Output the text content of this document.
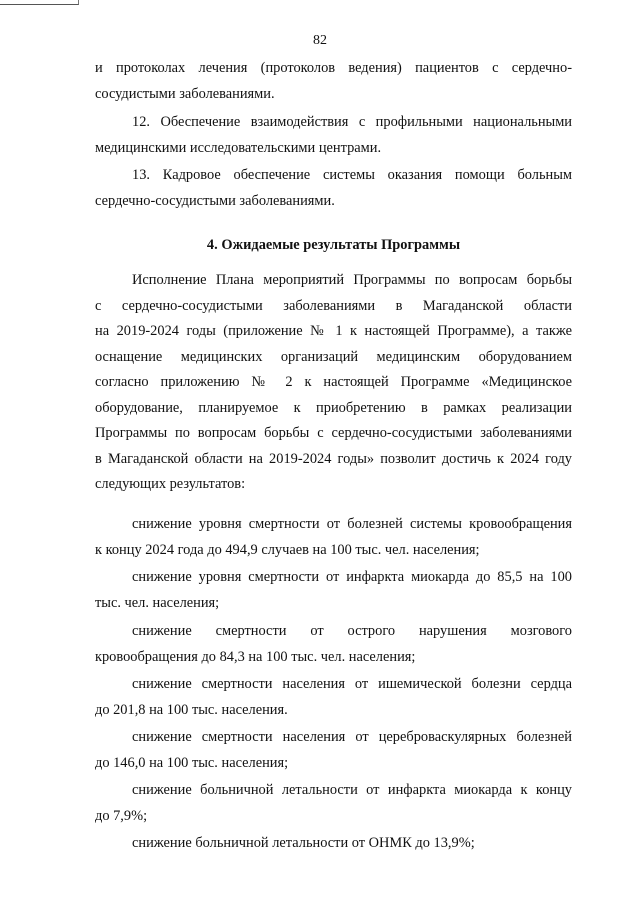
82
и протоколах лечения (протоколов ведения) пациентов с сердечно-
сосудистыми заболеваниями.
12. Обеспечение взаимодействия с профильными национальными
медицинскими исследовательскими центрами.
13. Кадровое обеспечение системы оказания помощи больным
сердечно-сосудистыми заболеваниями.
4. Ожидаемые результаты Программы
Исполнение Плана мероприятий Программы по вопросам борьбы
с сердечно-сосудистыми заболеваниями в Магаданской области
на 2019-2024 годы (приложение № 1 к настоящей Программе), а также
оснащение медицинских организаций медицинским оборудованием
согласно приложению № 2 к настоящей Программе «Медицинское
оборудование, планируемое к приобретению в рамках реализации
Программы по вопросам борьбы с сердечно-сосудистыми заболеваниями
в Магаданской области на 2019-2024 годы» позволит достичь к 2024 году
следующих результатов:
снижение уровня смертности от болезней системы кровообращения
к концу 2024 года до 494,9 случаев на 100 тыс. чел. населения;
снижение уровня смертности от инфаркта миокарда до 85,5 на 100
тыс. чел. населения;
снижение смертности от острого нарушения мозгового
кровообращения до 84,3 на 100 тыс. чел. населения;
снижение смертности населения от ишемической болезни сердца
до 201,8 на 100 тыс. населения.
снижение смертности населения от цереброваскулярных болезней
до 146,0 на 100 тыс. населения;
снижение больничной летальности от инфаркта миокарда к концу
до 7,9%;
снижение больничной летальности от ОНМК до 13,9%;
